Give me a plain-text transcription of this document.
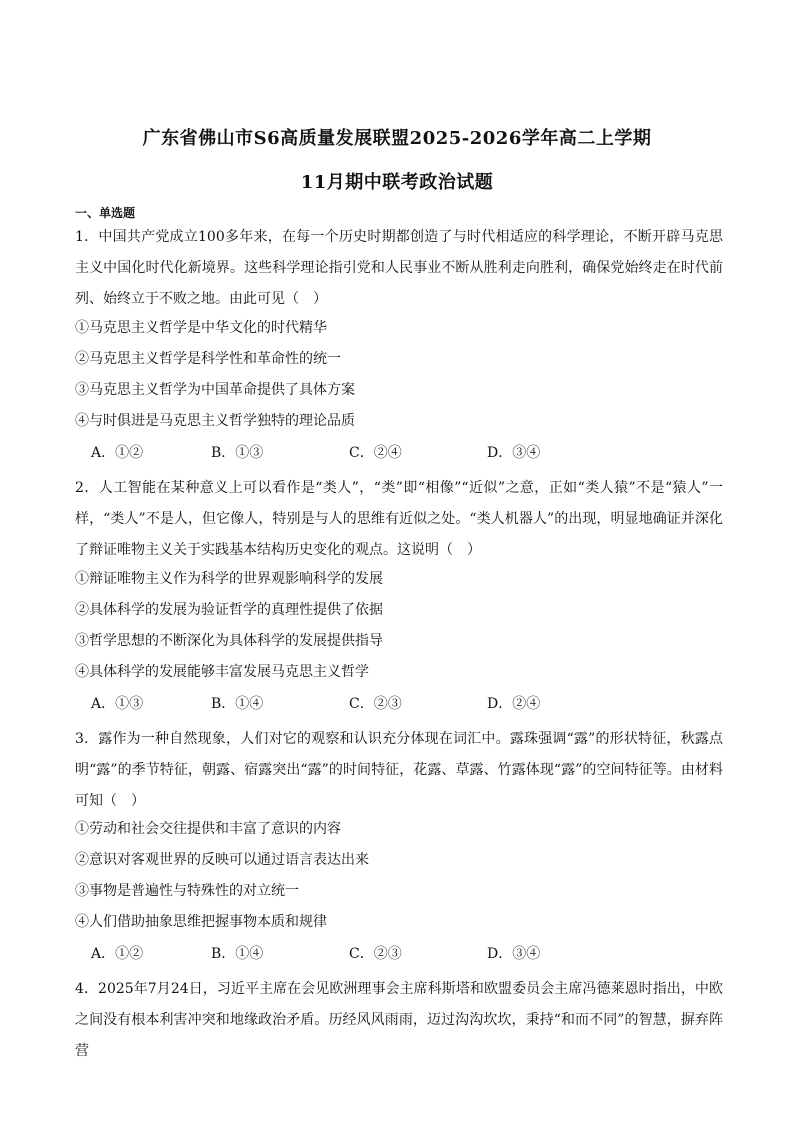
广东省佛山市S6高质量发展联盟2025-2026学年高二上学期
11月期中联考政治试题
一、单选题
1．中国共产党成立100多年来，在每一个历史时期都创造了与时代相适应的科学理论，不断开辟马克思主义中国化时代化新境界。这些科学理论指引党和人民事业不断从胜利走向胜利，确保党始终走在时代前列、始终立于不败之地。由此可见（　）
①马克思主义哲学是中华文化的时代精华
②马克思主义哲学是科学性和革命性的统一
③马克思主义哲学为中国革命提供了具体方案
④与时俱进是马克思主义哲学独特的理论品质
A．①②	B．①③	C．②④	D．③④
2．人工智能在某种意义上可以看作是“类人”，“类”即“相像”“近似”之意，正如“类人猿”不是“猿人”一样，“类人”不是人，但它像人，特别是与人的思维有近似之处。“类人机器人”的出现，明显地确证并深化了辩证唯物主义关于实践基本结构历史变化的观点。这说明（　）
①辩证唯物主义作为科学的世界观影响科学的发展
②具体科学的发展为验证哲学的真理性提供了依据
③哲学思想的不断深化为具体科学的发展提供指导
④具体科学的发展能够丰富发展马克思主义哲学
A．①③	B．①④	C．②③	D．②④
3．露作为一种自然现象，人们对它的观察和认识充分体现在词汇中。露珠强调“露”的形状特征，秋露点明“露”的季节特征，朝露、宿露突出“露”的时间特征，花露、草露、竹露体现“露”的空间特征等。由材料可知（　）
①劳动和社会交往提供和丰富了意识的内容
②意识对客观世界的反映可以通过语言表达出来
③事物是普遍性与特殊性的对立统一
④人们借助抽象思维把握事物本质和规律
A．①②	B．①④	C．②③	D．③④
4．2025年7月24日，习近平主席在会见欧洲理事会主席科斯塔和欧盟委员会主席冯德莱恩时指出，中欧之间没有根本利害冲突和地缘政治矛盾。历经风风雨雨，迈过沟沟坎坎，秉持“和而不同”的智慧，摒弃阵营
